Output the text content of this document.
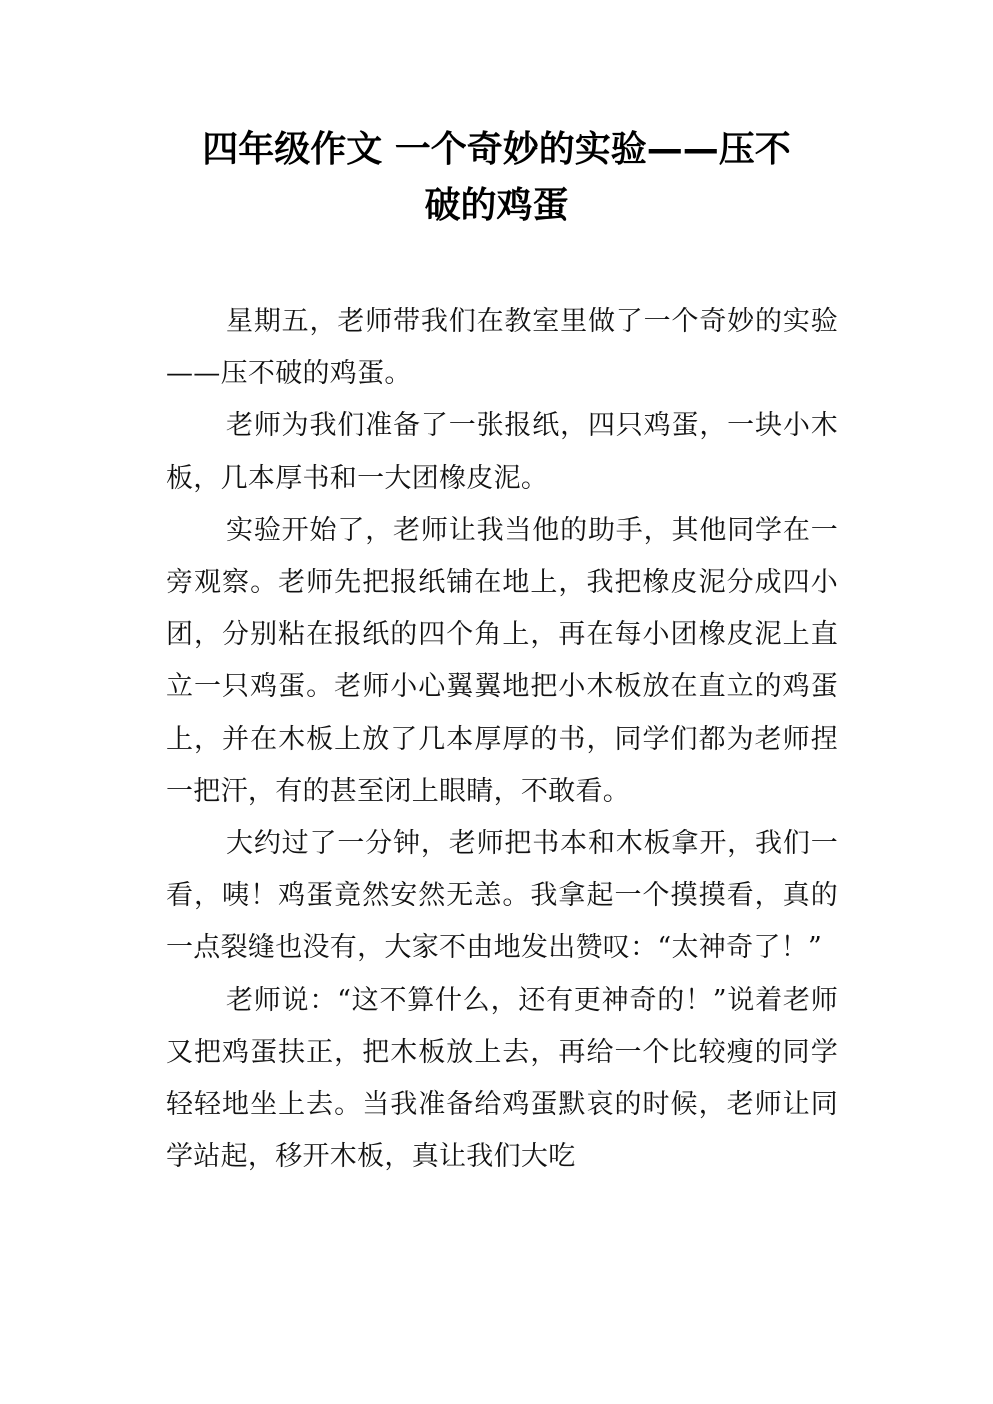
四年级作文 一个奇妙的实验——压不
破的鸡蛋

星期五，老师带我们在教室里做了一个奇妙的实验——压不破的鸡蛋。

老师为我们准备了一张报纸，四只鸡蛋，一块小木板，几本厚书和一大团橡皮泥。

实验开始了，老师让我当他的助手，其他同学在一旁观察。老师先把报纸铺在地上，我把橡皮泥分成四小团，分别粘在报纸的四个角上，再在每小团橡皮泥上直立一只鸡蛋。老师小心翼翼地把小木板放在直立的鸡蛋上，并在木板上放了几本厚厚的书，同学们都为老师捏一把汗，有的甚至闭上眼睛，不敢看。

大约过了一分钟，老师把书本和木板拿开，我们一看，咦！鸡蛋竟然安然无恙。我拿起一个摸摸看，真的一点裂缝也没有，大家不由地发出赞叹：“太神奇了！”

老师说：“这不算什么，还有更神奇的！”说着老师又把鸡蛋扶正，把木板放上去，再给一个比较瘦的同学轻轻地坐上去。当我准备给鸡蛋默哀的时候，老师让同学站起，移开木板，真让我们大吃
